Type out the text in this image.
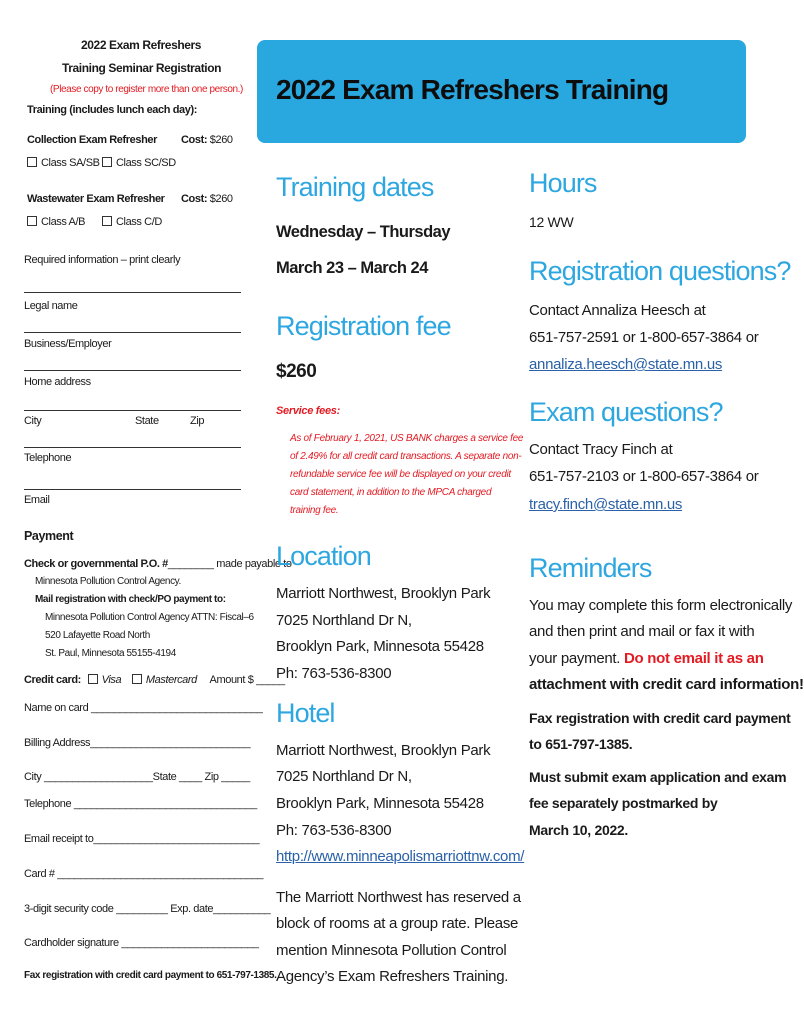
2022 Exam Refreshers
Training Seminar Registration
(Please copy to register more than one person.)
Training (includes lunch each day):
Collection Exam Refresher Cost: $260
Class SA/SB	Class SC/SD
Wastewater Exam Refresher Cost: $260
Class A/B	Class C/D
Required information – print clearly
Legal name
Business/Employer
Home address
City	State	Zip
Telephone
Email
Payment
Check or governmental P.O. #________ made payable to
Minnesota Pollution Control Agency.
Mail registration with check/PO payment to:
Minnesota Pollution Control Agency ATTN: Fiscal–6
520 Lafayette Road North
St. Paul, Minnesota 55155-4194
Credit card: Visa Mastercard Amount $ _____
Name on card ______________________________
Billing Address____________________________
City ___________________State ____ Zip _____
Telephone ________________________________
Email receipt to_____________________________
Card # ____________________________________
3-digit security code _________ Exp. date__________
Cardholder signature ________________________
Fax registration with credit card payment to 651-797-1385.
2022 Exam Refreshers Training
Training dates
Wednesday – Thursday
March 23 – March 24
Registration fee
$260
Service fees:
As of February 1, 2021, US BANK charges a service fee
of 2.49% for all credit card transactions. A separate non-
refundable service fee will be displayed on your credit
card statement, in addition to the MPCA charged
training fee.
Location
Marriott Northwest, Brooklyn Park
7025 Northland Dr N,
Brooklyn Park, Minnesota 55428
Ph: 763-536-8300
Hotel
Marriott Northwest, Brooklyn Park
7025 Northland Dr N,
Brooklyn Park, Minnesota 55428
Ph: 763-536-8300
http://www.minneapolismarriottnw.com/
The Marriott Northwest has reserved a
block of rooms at a group rate. Please
mention Minnesota Pollution Control
Agency’s Exam Refreshers Training.
Hours
12 WW
Registration questions?
Contact Annaliza Heesch at
651-757-2591 or 1-800-657-3864 or
annaliza.heesch@state.mn.us
Exam questions?
Contact Tracy Finch at
651-757-2103 or 1-800-657-3864 or
tracy.finch@state.mn.us
Reminders
You may complete this form electronically
and then print and mail or fax it with
your payment. Do not email it as an
attachment with credit card information!
Fax registration with credit card payment
to 651-797-1385.
Must submit exam application and exam
fee separately postmarked by
March 10, 2022.
